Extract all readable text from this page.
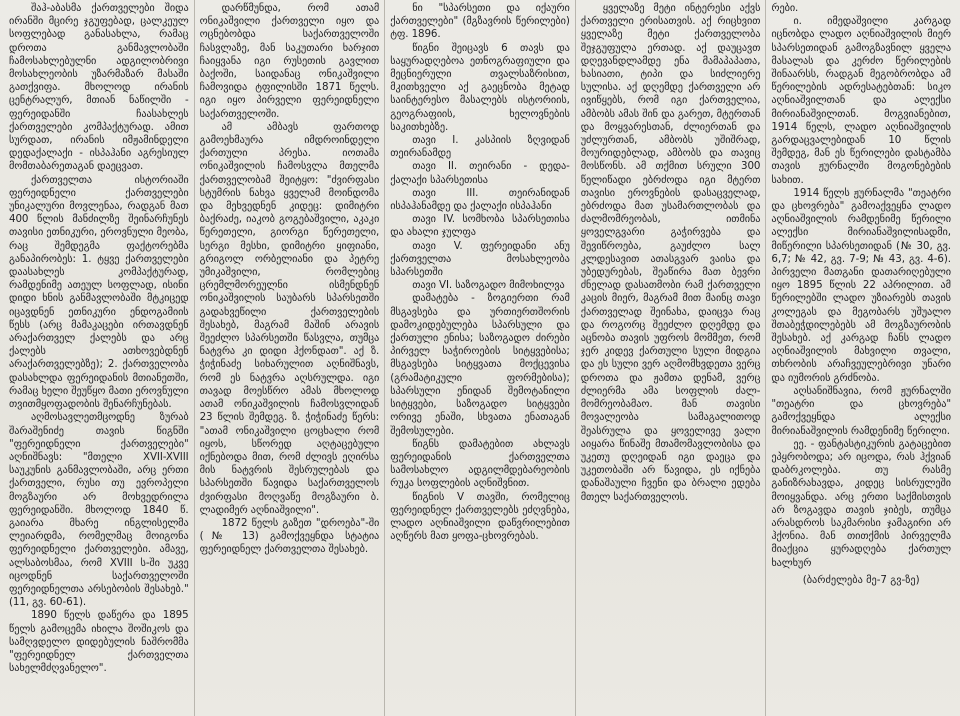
შაჰ-აბასმა ქართველები შიდა ირანში მცირე ჯგუფებად, ცალკეულ სოფლებად განასახლა, რამაც დროთა განმავლობაში ჩამოსახლებულნი ადგილობრივი მოსახლეობის უზარმაზარ მასაში გათქვიფა. მხოლოდ ირანის ცენტრალურ, მთიან ნაწილში - ფერეიდანში ჩაასახლეს ქართველები კომპაქტურად. ამით სურდათ, ირანის იმჟამინდელი დედაქალაქი - ისპაჰანი აგრესიულ მომთაბარეთაგან დაეცვათ.

ქართველთა ისტორიაში ფერეიდნელი ქართველები უნიკალური მოვლენაა, რადგან მათ 400 წლის მანძილზე შეინარჩუნეს თავისი ეთნიკური, ეროვნული მეობა, რაც შემდეგმა ფაქტორებმა განაპირობეს: 1. ტყვე ქართველები დაასახლეს კომპაქტურად, რამდენიმე ათეულ სოფლად, ისინი დიდი ხნის განმავლობაში მტკიცედ იცავდნენ ეთნიკური ენდოგამიის წესს (არც მამაკაცები ირთავდნენ არაქართველ ქალებს და არც ქალებს ათხოვებდნენ არაქართველებზე); 2. ქართველობა დასახლდა ფერეიდანის მთიანეთში, რამაც ხელი შეუწყო მათი ეროვნული თვითმყოფადობის შენარჩუნებას.

აღმოსავლეთმცოდნე ზურაბ შარაშენიძე თავის წიგნში "ფერეიდნელი ქართველები" აღნიშნავს: "მთელი XVII-XVIII საუკუნის განმავლობაში, არც ერთი ქართველი, რუსი თუ ევროპელი მოგზაური არ მოხვედრილა ფერეიდანში. მხოლოდ 1840 წ. გაიარა მხარე ინგლისელმა ლეიარდმა, რომელმაც მოიგონა ფერეიდნელი ქართველები. ამავე, ალსაბოსმაა, რომ XVIII ს-ში უკვე იცოდნენ საქართველოში ფერეიდნელთა არსებობის შესახებ." (11, გვ. 60-61).

1890 წელს დაწერა და 1895 წელს გამოცემა იხილა შოშიკოს და სამღვდელო დიდებულის ნაშრომმა "ფერეიდნელ ქართველთა სახელმძღვანელო".

დარწმუნდა, რომ ათამ ონიკაშვილი ქართველი იყო და ოცნებობდა საქართველოში ჩასვლაზე, მან საკუთარი ხარჯით ჩაიყვანა იგი რუსეთის გავლით ბაქოში, საიდანაც ონიკაშვილი ჩამოვიდა ტფილისში 1871 წელს. იგი იყო პირველი ფერეიდნელი საქართველოში.

ამ ამბავს ფართოდ გამოეხმაურა იმდროინდელი ქართული პრესა. იოთამა ონიკაშვილის ჩამოსვლა მთელმა ქართველობამ შეიტყო: "ძვირფასი სტუმრის ნახვა ყველამ მოინდომა და მეხვედნენ კიდეც: დიმიტრი ბაქრაძე, იაკობ გოგებაშვილი, აკაკი წერეთელი, გიორგი წერეთელი, სერგი მესხი, დიმიტრი ყიფიანი, გრიგოლ ორბელიანი და პეტრე უმიკაშვილი, რომლებიც ცრემლმორეულნი ისმენდნენ ონიკაშვილის საუბარს სპარსეთში გადახვეწილი ქართველების შესახებ, მაგრამ მაშინ არავის შეეძლო სპარსეთში წასვლა, თუმცა ნატვრა კი დიდი ჰქონდათ". აქ ზ. ჭიჭინაძე სიხარულით აღნიშნავს, რომ ეს ნატვრა აღსრულდა. იგი თავად მოესწრო ამას მხოლოდ ათამ ონიკაშვილის ჩამოსვლიდან 23 წლის შემდეგ. ზ. ჭიჭინაძე წერს: "ათამ ონიკაშვილი ცოცხალი რომ იყოს, სწორედ აღტაცებული იქნებოდა მით, რომ ძლივს ეღირსა მის ნატვრის შესრულებას და სპარსეთში წავიდა საქართველოს ძვირფასი მოღვაწე მოგზაური ბ. ლადიმერ აღნიაშვილი".

1872 წელს გაზეთ "დროება"-ში (№ 13) გამოქვეყნდა სტატია ფერეიდნელ ქართველთა შესახებ.

ნი "სპარსეთი და იქაური ქართველები" (მგზავრის წერილები) ტფ. 1896.

წიგნი შეიცავს 6 თავს და საყურადღებოა ეთნოგრაფიული და მეცნიერული თვალსაზრისით, მკითხველი აქ გაეცნობა მეტად საინტერესო მასალებს ისტორიის, გეოგრაფიის, ხელოვნების საკითხებზე.

თავი I. კასპიის ზღვიდან თეირანამდე

თავი II. თეირანი - დედა-ქალაქი სპარსეთისა

თავი III. თეირანიდან ისპაჰანამდე და ქალაქი ისპაჰანი

თავი IV. სომხობა სპარსეთისა და ახალი ჯულფა

თავი V. ფერეიდანი ანუ ქართველთა მოსახლეობა სპარსეთში

თავი VI. საზოგადო მიმოხილვა

დამატება - ზოგიერთი რამ მსგავსება და ურთიერთშორის დამოკიდებულება სპარსული და ქართული ენისა; საზოგადო ძირები პირველ საჭიროების სიტყვებისა; მსგავსება სიტყვათა მოქცევისა (გრამატიკული ფორმებისა); სპარსული ენიდან შემოტანილი სიტყვები, საზოგადო სიტყვები ორივე ენაში, სხვათა ენათაგან შემოსულები.

წიგნს დამატებით ახლავს ფერეიდანის ქართველთა სამოსახლო ადგილმდებარეობის რუკა სოფლების აღნიშვნით.

წიგნის V თავში, რომელიც ფერეიდნელ ქართველებს ეძღვნება, ლადო აღნიაშვილი დაწვრილებით აღწერს მათ ყოფა-ცხოვრებას.

ყველაზე მეტი ინტერესი აქვს ქართველი ერისათვის. აქ რიცხვით ყველაზე მეტი ქართველობა შეჯგუფულა ერთად. აქ დაუცავთ დღევანდლამდე ენა მამაპაპათა, ხასიათი, ტიპი და სიძლიერე სულისა. აქ დღემდე ქართველი არ ივიწყებს, რომ იგი ქართველია, ამბობს ამას შინ და გარეთ, მტერთან და მოყვარესთან, ძლიერთან და უძლურთან, ამბობს უშიშრად, მოურიდებლად, ამბობს და თავიც მოსწონს. ამ თქმით სრული 300 წელიწადი ებრძოდა იგი მტერთ თავისი ეროვნების დასაცველად, ებრძოდა მათ უსამართლობას და ძალმომრეობას, ითმინა ყოველგვარი გაჭირვება და შევიწროება, გაუძლო სალ კლდესავით ათასგვარ ვაისა და უბედურებას, შეაწირა მათ ბევრი ძნელად დასათმობი რამ ქართველი კაცის მიერ, მაგრამ მით მაინც თავი ქართველად შეინახა, დაიცვა რაც და როგორც შეეძლო დღემდე და აცნობა თავის უფროს მომმეთ, რომ ჯერ კიდევ ქართული სული მიდგია და ეს სული ვერ აღმომხვდეთა ვერც დროთა და ჟამთა დენამ, ვერც ძლიერმა ამა სოფლის ძალ-მომრეობამაო. მან თავისი მოვალეობა სამაგალითოდ შეასრულა და ყოველივე ვალი აიყარა წინაშე მთამომავლობისა და უკეთუ დღეიდან იგი დაეცა და უკეთობაში არ წავიდა, ეს იქნება დანაშაული ჩვენი და ბრალი ედება მთელ საქართველოს.

რები.

ი. იმედაშვილი კარგად იცნობდა ლადო აღნიაშვილის მიერ სპარსეთიდან გამოგზავნილ ყველა მასალას და კერძო წერილების შინაარსს, რადგან მეგობრობდა ამ წერილების ადრესატებთან: სიკო აღნიაშვილთან და ალექსი მირიანაშვილთან. მოგვიანებით, 1914 წელს, ლადო აღნიაშვილის გარდაცვალებიდან 10 წლის შემდეგ, მან ეს წერილები დასტამბა თავის ჟურნალში მოგონებების სახით.

1914 წელს ჟურნალმა "თეატრი და ცხოვრება" გამოაქვეყნა ლადო აღნიაშვილის რამდენიმე წერილი ალექსი მირიანაშვილისადმი, მიწერილი სპარსეთიდან (№ 30, გვ. 6,7; № 42, გვ. 7-9; № 43, გვ. 4-6). პირველი მათგანი დათარიღებული იყო 1895 წლის 22 აპრილით. ამ წერილებში ლადო უზიარებს თავის კოლეგას და მეგობარს უშუალო შთაბეჭდილებებს ამ მოგზაურობის შესახებ. აქ კარგად ჩანს ლადო აღნიაშვილის მახვილი თვალი, თხრობის არაჩვეულებრივი უნარი და იუმორის გრძნობა.

აღსანიშნავია, რომ ჟურნალში "თეატრი და ცხოვრება" გამოქვეყნდა ალექსი მირიანაშვილის რამდენიმე წერილი.

ეე. - ფანტასტიკურის გატაცებით ეპყრობოდა; არ იცოდა, რას ჰქვიან დაბრკოლება. თუ რასმე განიზრახავდა, კიდეც სისრულეში მოიყვანდა. არც ერთი საქმისთვის არ ზოგავდა თავის ჯიბეს, თუმცა არასდროს საკმარისი ჯამაგირი არ ჰქონია. მან თითქმის პირველმა მიაქცია ყურადღება ქართულ ხალხურ

(ბარძელება მე-7 გვ-ზე)
